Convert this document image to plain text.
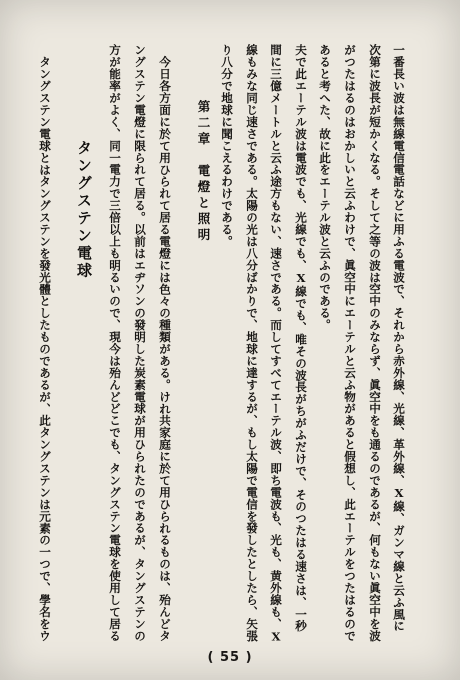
一番長い波は無線電信電話などに用ふる電波で、それから赤外線、光線、革外線、X線、ガンマ線と云ふ風に
次第に波長が短かくなる。そして之等の波は空中のみならず、眞空中をも通るのであるが、何もない眞空中を波
がつたはるのはおかしいと云ふわけで、眞空中にエーテルと云ふ物があると假想し、此エーテルをつたはるので
あると考へた、故に此をエーテル波と云ふのである。
夫で此エーテル波は電波でも、光線でも、X線でも、唯その波長がちがふだけで、そのつたはる速さは、一秒
間に三億メートルと云ふ途方もない、速さである。而してすべてエーテル波、即ち電波も、光も、黄外線も、X
線もみな同じ速さである。太陽の光は八分ばかりで、地球に達するが、もし太陽で電信を發したとしたら、矢張
り八分で地球に聞こえるわけである。
第二章　電燈と照明
今日各方面に於て用ひられて居る電燈には色々の種類がある。けれ共家庭に於て用ひられるものは、殆んどタ
ングステン電燈に限られて居る。以前はエヂソンの發明した炭素電球が用ひられたのであるが、タングステンの
方が能率がよく、同一電力で三倍以上も明るいので、現今は殆んどどこでも、タングステン電球を使用して居る
タングステン電球
タングステン電球とはタングステンを發光體としたものであるが、此タングステンは元素の一つで、學名をウ
( 55 )
